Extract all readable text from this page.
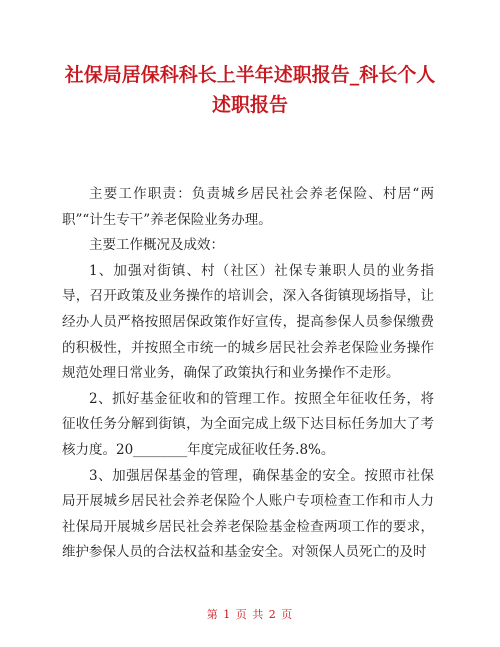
社保局居保科科长上半年述职报告_科长个人述职报告

主要工作职责：负责城乡居民社会养老保险、村居“两职”“计生专干”养老保险业务办理。

主要工作概况及成效：

1、加强对街镇、村（社区）社保专兼职人员的业务指导，召开政策及业务操作的培训会，深入各街镇现场指导，让经办人员严格按照居保政策作好宣传，提高参保人员参保缴费的积极性，并按照全市统一的城乡居民社会养老保险业务操作规范处理日常业务，确保了政策执行和业务操作不走形。

2、抓好基金征收和的管理工作。按照全年征收任务，将征收任务分解到街镇，为全面完成上级下达目标任务加大了考核力度。20________年度完成征收任务.8%。

3、加强居保基金的管理，确保基金的安全。按照市社保局开展城乡居民社会养老保险个人账户专项检查工作和市人力社保局开展城乡居民社会养老保险基金检查两项工作的要求，维护参保人员的合法权益和基金安全。对领保人员死亡的及时

第 1 页 共 2 页
